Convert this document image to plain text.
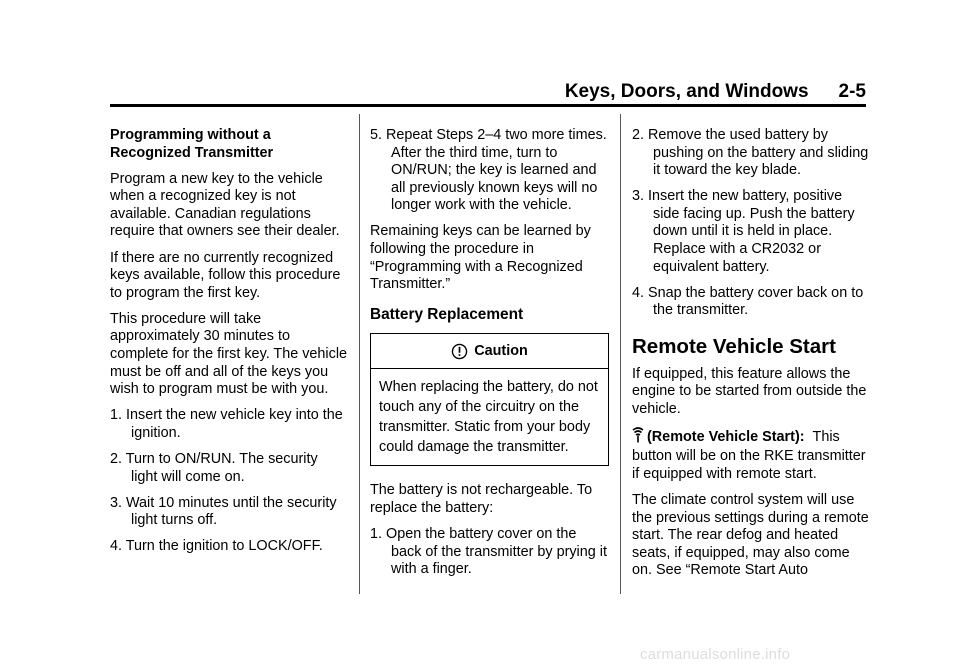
Keys, Doors, and Windows 2-5

Programming without a Recognized Transmitter

Program a new key to the vehicle when a recognized key is not available. Canadian regulations require that owners see their dealer.

If there are no currently recognized keys available, follow this procedure to program the first key.

This procedure will take approximately 30 minutes to complete for the first key. The vehicle must be off and all of the keys you wish to program must be with you.

1. Insert the new vehicle key into the ignition.

2. Turn to ON/RUN. The security light will come on.

3. Wait 10 minutes until the security light turns off.

4. Turn the ignition to LOCK/OFF.

5. Repeat Steps 2–4 two more times. After the third time, turn to ON/RUN; the key is learned and all previously known keys will no longer work with the vehicle.

Remaining keys can be learned by following the procedure in “Programming with a Recognized Transmitter.”

Battery Replacement
Caution
When replacing the battery, do not touch any of the circuitry on the transmitter. Static from your body could damage the transmitter.

The battery is not rechargeable. To replace the battery:

1. Open the battery cover on the back of the transmitter by prying it with a finger.

2. Remove the used battery by pushing on the battery and sliding it toward the key blade.

3. Insert the new battery, positive side facing up. Push the battery down until it is held in place. Replace with a CR2032 or equivalent battery.

4. Snap the battery cover back on to the transmitter.

Remote Vehicle Start

If equipped, this feature allows the engine to be started from outside the vehicle.

(Remote Vehicle Start): This button will be on the RKE transmitter if equipped with remote start.

The climate control system will use the previous settings during a remote start. The rear defog and heated seats, if equipped, may also come on. See “Remote Start Auto

carmanualsonline.info
